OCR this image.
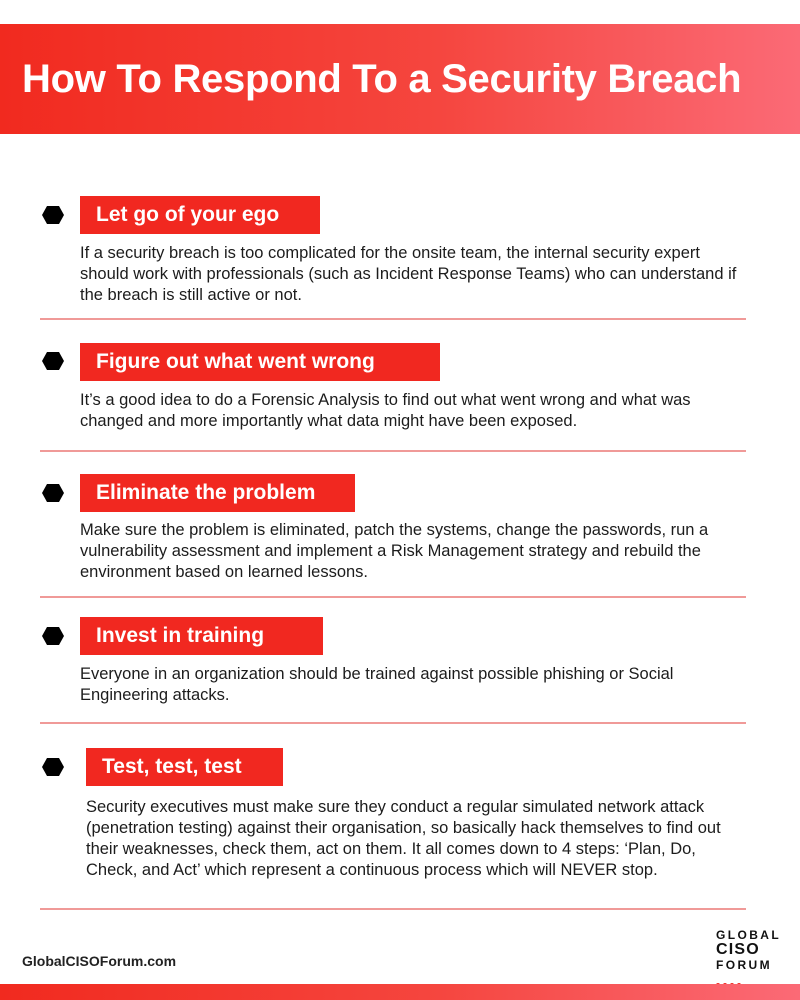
How To Respond To a Security Breach
Let go of your ego
If a security breach is too complicated for the onsite team, the internal security expert should work with professionals (such as Incident Response Teams) who can understand if the breach is still active or not.
Figure out what went wrong
It’s a good idea to do a Forensic Analysis to find out what went wrong and what was changed and more importantly what data might have been exposed.
Eliminate the problem
Make sure the problem is eliminated, patch the systems, change the passwords, run a vulnerability assessment and implement a Risk Management strategy and rebuild the environment based on learned lessons.
Invest in training
Everyone in an organization should be trained against possible phishing or Social Engineering attacks.
Test, test, test
Security executives must make sure they conduct a regular simulated network attack (penetration testing) against their organisation, so basically hack themselves to find out their weaknesses, check them, act on them. It all comes down to 4 steps: ‘Plan, Do, Check, and Act’ which represent a continuous process which will NEVER stop.
GlobalCISOForum.com
GLOBAL
CISO
FORUM
